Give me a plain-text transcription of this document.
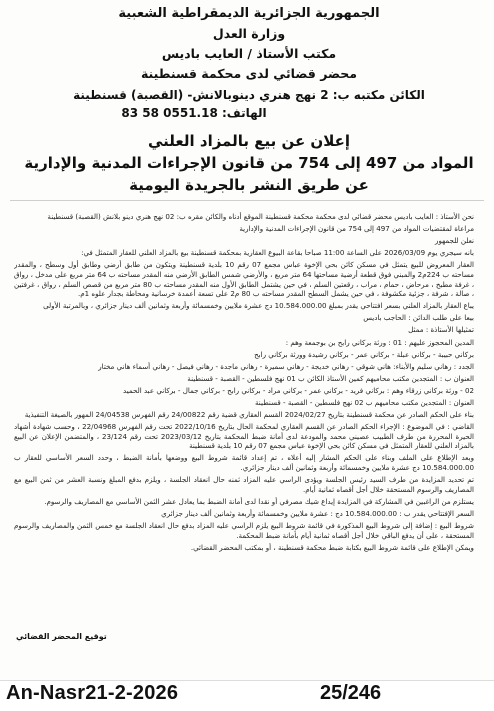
الجمهورية الجزائرية الديمقراطية الشعبية
وزارة العدل
مكتب الأستاذ / العايب باديس
محضر قضائي لدى محكمة قسنطينة
الكائن مكتبه ب: 2 نهج هنري دينوبالانش- (القصبة) قسنطينة
الهاتف: 0551.18 58 83
إعلان عن بيع بالمزاد العلني
المواد من 497 إلى 754 من قانون الإجراءات المدنية والإدارية
عن طريق النشر بالجريدة اليومية

نحن الأستاذ : العايب باديس محضر قضائي لدى محكمة محكمة قسنطينة الموقع أدناه والكائن مقره ب: 02 نهج هنري دينو بلانش (القصبة) قسنطينة

مراعاة لمقتضيات المواد من 497 إلى 754 من قانون الإجراءات المدنية والإدارية

نعلن للجمهور

بانه سيجري يوم 2026/03/09 على الساعة 11:00 صباحا بقاعة البيوع العقارية بمحكمة قسنطينة بيع بالمزاد العلني للعقار المتمثل في:

العقار المعروض للبيع يتمثل في مسكن كائن بحي الإخوة عباس مجمع 07 رقم 10 بلدية قسنطينة ويتكون من طابق أرضي وطابق أول وسطح ، والمقدر مساحته ب 224م2 والمبني فوق قطعة أرضية مساحتها 64 متر مربع ، والأرضي شمس الطابق الأرضي منه المقدر مساحته ب 64 متر مربع على مدخل ، رواق ، غرفة مطبخ ، مرحاض ، حمام ، مراب ، رقعتين السلم ، في حين يشتمل الطابق الأول منه المقدر مساحته ب 80 متر مربع من قصص السلم ، رواق ، غرفتين ، صالة ، شرفة ، جزئية مكشوفة ، في حين يشمل السطح المقدر مساحته ب 80 م2 على تسعة أعمدة خرسانية ومحاطة بجدار علوه 1م.

يباع العقار بالمزاد العلني بسعر افتتاحي يقدر بمبلغ 10.584.000.00 دج عشرة ملايين وخمسمائة وأربعة وثمانين ألف دينار جزائري ، وبالمرتبة الأولى

بيعا على طلب الدائن : الحاجب باديس

تمثيلها الأستاذة : ممثل

المدين المحجوز عليهم : 01 : ورثة بركاني رابح بن بوجمعة وهم :

بركاني حبيبة - بركاني عبلة - بركاني عمر - بركاني رشيدة وورثة بركاني رابح

الجدد : رهاني سليم والأبناء: هاني شوقي - رهاني خديجة - رهاني سميرة - رهاني ماجدة - رهاني فيصل - رهاني أسماء هاني مختار

العنوان ب : المتجدين مكتب محاميهم كمين الأستاذ الكائن ب 01 نهج فلسطين - القصبة - قسنطينة

02 - ورثة بركاني زرقاء وهم : بركاني فريد - بركاني عمر - بركاني مراد - بركاني رابح - بركاني جمال - بركاني عبد الحميد

العنوان : المتجدين مكتب محاميهم ب 02 نهج فلسطين - القصبة - قسنطينة

بناء على الحكم الصادر عن محكمة قسنطينة بتاريخ 2024/02/27 القسم العقاري قضية رقم 24/00822 رقم الفهرس 24/04538 المهور بالصيغة التنفيذية

القاضي : في الموضوع : الإجراء الحكم الصادر عن القسم العقاري لمحكمة الحال بتاريخ 2022/10/16 تحت رقم الفهرس 22/04968 ، وحسب شهادة أشهاد الحيرة المحررة من طرف الطبيب عصيني محمد والمودعة لدى أمانة ضبط المحكمة بتاريخ 2023/03/12 تحت رقم 23/124 ، والمتضمن الإعلان عن البيع بالمزاد العلني للعقار المتمثل في مسكن كائن بحي الإخوة عباس مجمع 07 رقم 10 بلدية قسنطينة

وبعد الإطلاع على الملف وبناء على الحكم المشار إليه أعلاه ، تم إعداد قائمة شروط البيع ووضعها بأمانة الضبط ، وحدد السعر الأساسي للعقار ب 10.584.000.00 دج عشرة ملايين وخمسمائة وأربعة وثمانين ألف دينار جزائري.

تم تحديد المزايدة من طرف السيد رئيس الجلسة ويؤدى الراسي عليه المزاد ثمنه حال انعقاد الجلسة ، ويلزم بدفع المبلغ ونسبة العشر من ثمن البيع مع المصاريف والرسوم المستحقة خلال أجل أقصاه ثمانية أيام.

يستلزم من الراغبين في المشاركة في المزايدة إيداع شيك مصرفي أو نقدا لدى أمانة الضبط بما يعادل عشر الثمن الأساسي مع المصاريف والرسوم.

السعر الإفتتاحي يقدر ب : 10.584.000.00 دج : عشرة ملايين وخمسمائة وأربعة وثمانين ألف دينار جزائري

شروط البيع : إضافة إلى شروط البيع المذكورة في قائمة شروط البيع يلزم الراسي عليه المزاد بدفع حال انعقاد الجلسة مع خمس الثمن والمصاريف والرسوم المستحقة ، على أن يدفع الباقي خلال أجل أقصاه ثمانية أيام بأمانة ضبط المحكمة.

ويمكن الإطلاع على قائمة شروط البيع بكتابة ضبط محكمة قسنطينة ، أو بمكتب المحضر القضائي.

توقيع المحضر القضائي
An-Nasr21-2-2026	25/246
